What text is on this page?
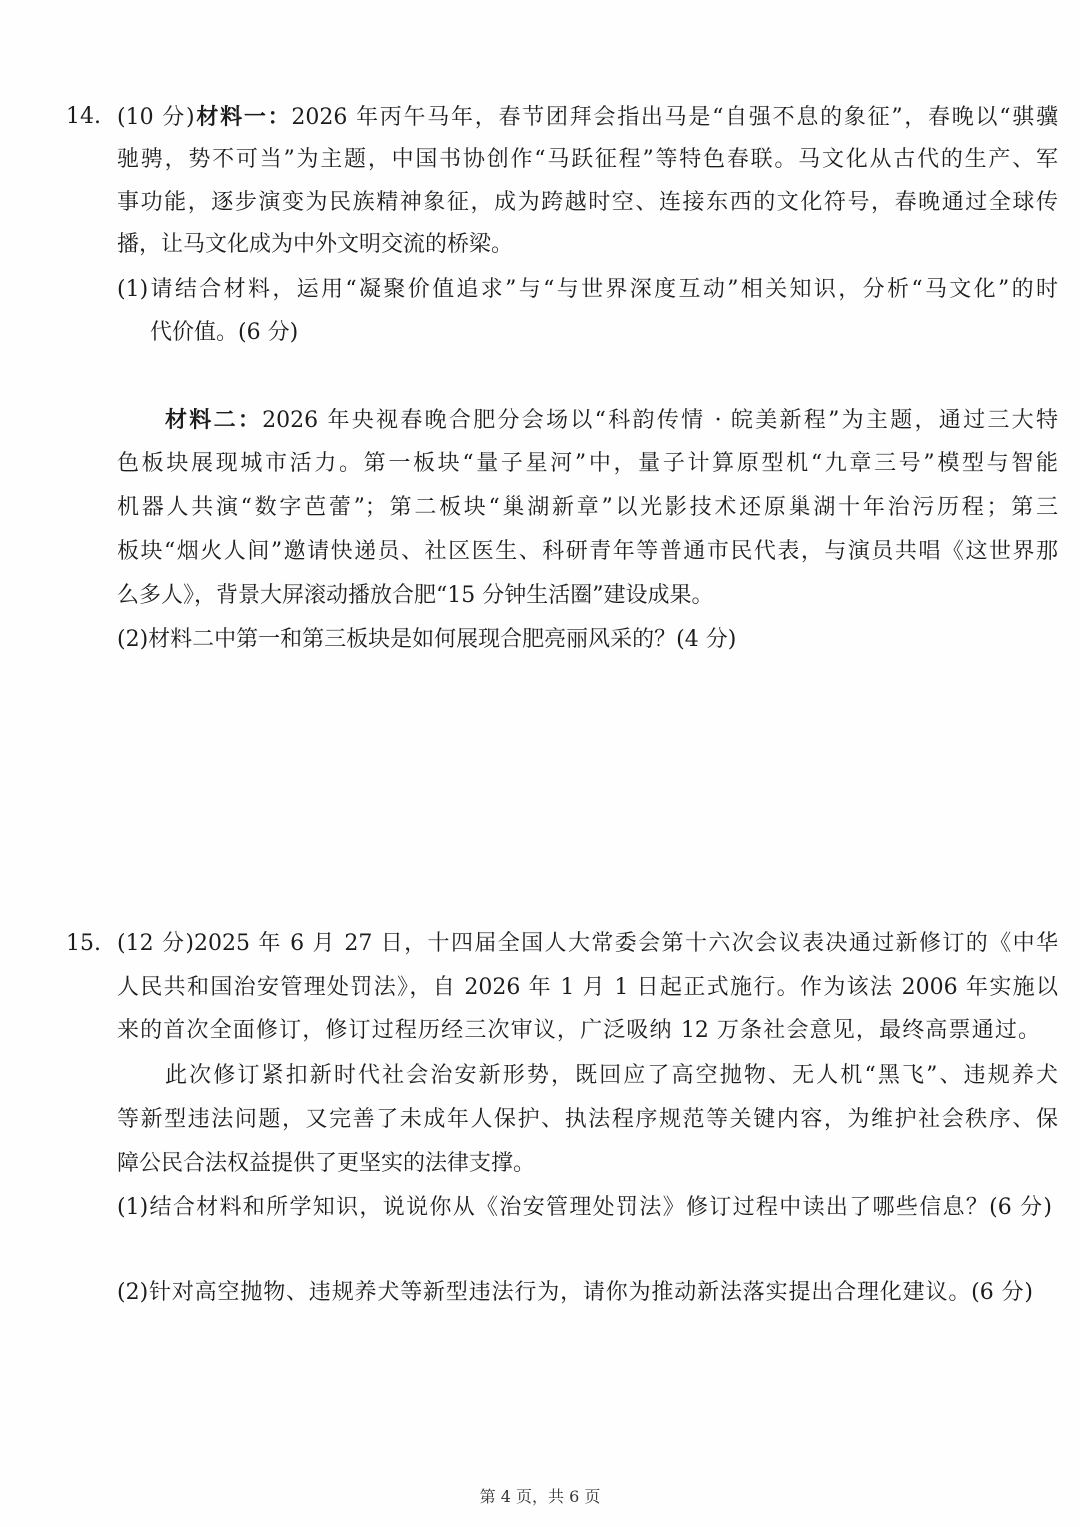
14. (10 分)材料一：2026 年丙午马年，春节团拜会指出马是“自强不息的象征”，春晚以“骐骥
驰骋，势不可当”为主题，中国书协创作“马跃征程”等特色春联。马文化从古代的生产、军
事功能，逐步演变为民族精神象征，成为跨越时空、连接东西的文化符号，春晚通过全球传
播，让马文化成为中外文明交流的桥梁。
(1)请结合材料，运用“凝聚价值追求”与“与世界深度互动”相关知识，分析“马文化”的时
代价值。(6 分)
材料二：2026 年央视春晚合肥分会场以“科韵传情 · 皖美新程”为主题，通过三大特
色板块展现城市活力。第一板块“量子星河”中，量子计算原型机“九章三号”模型与智能
机器人共演“数字芭蕾”；第二板块“巢湖新章”以光影技术还原巢湖十年治污历程；第三
板块“烟火人间”邀请快递员、社区医生、科研青年等普通市民代表，与演员共唱《这世界那
么多人》，背景大屏滚动播放合肥“15 分钟生活圈”建设成果。
(2)材料二中第一和第三板块是如何展现合肥亮丽风采的？(4 分)
15. (12 分)2025 年 6 月 27 日，十四届全国人大常委会第十六次会议表决通过新修订的《中华
人民共和国治安管理处罚法》，自 2026 年 1 月 1 日起正式施行。作为该法 2006 年实施以
来的首次全面修订，修订过程历经三次审议，广泛吸纳 12 万条社会意见，最终高票通过。
此次修订紧扣新时代社会治安新形势，既回应了高空抛物、无人机“黑飞”、违规养犬
等新型违法问题，又完善了未成年人保护、执法程序规范等关键内容，为维护社会秩序、保
障公民合法权益提供了更坚实的法律支撑。
(1)结合材料和所学知识，说说你从《治安管理处罚法》修订过程中读出了哪些信息？(6 分)
(2)针对高空抛物、违规养犬等新型违法行为，请你为推动新法落实提出合理化建议。(6 分)
第 4 页，共 6 页
